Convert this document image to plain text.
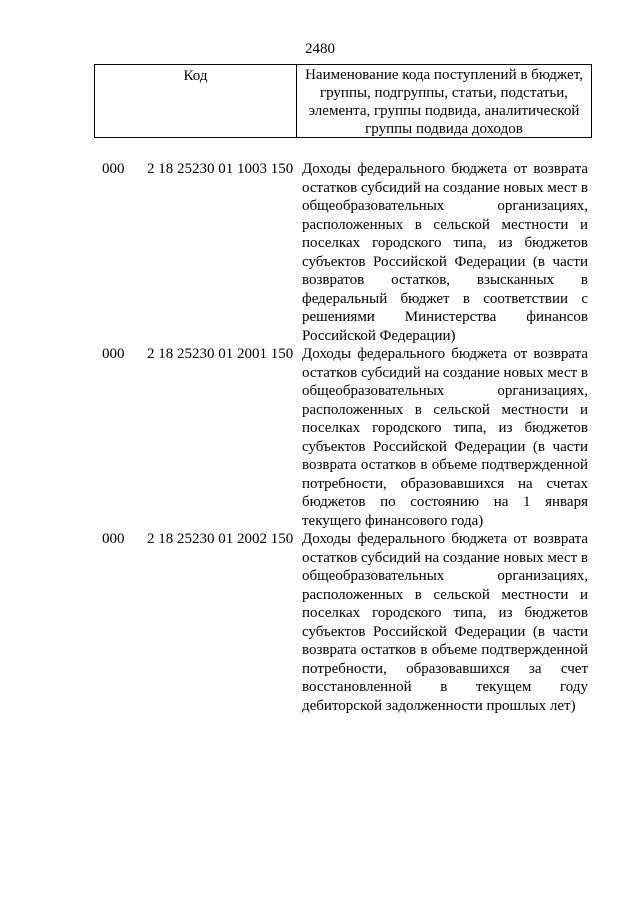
2480
Код	Наименование кода поступлений в бюджет, группы, подгруппы, статьи, подстатьи, элемента, группы подвида, аналитической группы подвида доходов
000 2 18 25230 01 1003 150 Доходы федерального бюджета от возврата остатков субсидий на создание новых мест в общеобразовательных организациях, расположенных в сельской местности и поселках городского типа, из бюджетов субъектов Российской Федерации (в части возвратов остатков, взысканных в федеральный бюджет в соответствии с решениями Министерства финансов Российской Федерации)
000 2 18 25230 01 2001 150 Доходы федерального бюджета от возврата остатков субсидий на создание новых мест в общеобразовательных организациях, расположенных в сельской местности и поселках городского типа, из бюджетов субъектов Российской Федерации (в части возврата остатков в объеме подтвержденной потребности, образовавшихся на счетах бюджетов по состоянию на 1 января текущего финансового года)
000 2 18 25230 01 2002 150 Доходы федерального бюджета от возврата остатков субсидий на создание новых мест в общеобразовательных организациях, расположенных в сельской местности и поселках городского типа, из бюджетов субъектов Российской Федерации (в части возврата остатков в объеме подтвержденной потребности, образовавшихся за счет восстановленной в текущем году дебиторской задолженности прошлых лет)
